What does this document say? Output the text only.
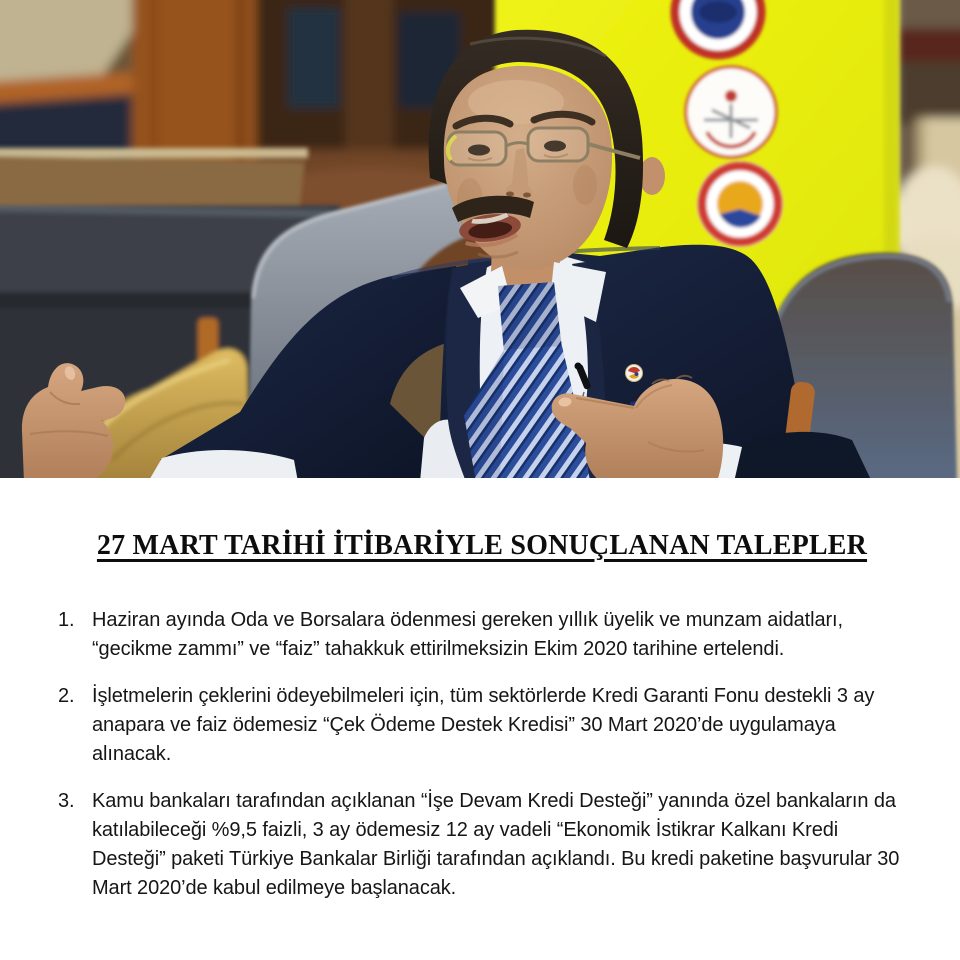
27 MART TARİHİ İTİBARİYLE SONUÇLANAN TALEPLER
1. Haziran ayında Oda ve Borsalara ödenmesi gereken yıllık üyelik ve munzam aidatları, “gecikme zammı” ve “faiz” tahakkuk ettirilmeksizin Ekim 2020 tarihine ertelendi.
2. İşletmelerin çeklerini ödeyebilmeleri için, tüm sektörlerde Kredi Garanti Fonu destekli 3 ay anapara ve faiz ödemesiz “Çek Ödeme Destek Kredisi” 30 Mart 2020’de uygulamaya alınacak.
3. Kamu bankaları tarafından açıklanan “İşe Devam Kredi Desteği” yanında özel bankaların da katılabileceği %9,5 faizli, 3 ay ödemesiz 12 ay vadeli “Ekonomik İstikrar Kalkanı Kredi Desteği” paketi Türkiye Bankalar Birliği tarafından açıklandı. Bu kredi paketine başvurular 30 Mart 2020’de kabul edilmeye başlanacak.
